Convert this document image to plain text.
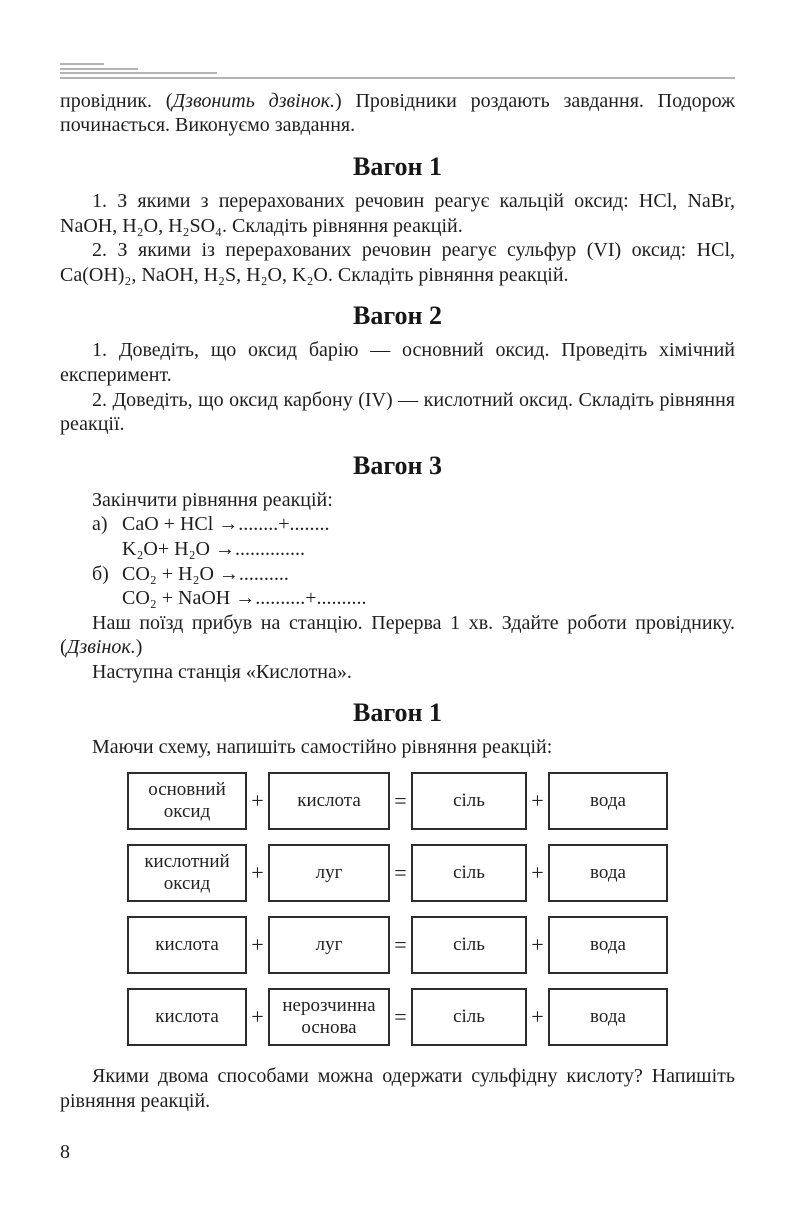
провідник. (Дзвонить дзвінок.) Провідники роздають завдання. Подорож починається. Виконуємо завдання.

Вагон 1

1. З якими з перерахованих речовин реагує кальцій оксид: HCl, NaBr, NaOH, H₂O, H₂SO₄. Складіть рівняння реакцій.

2. З якими із перерахованих речовин реагує сульфур (VI) оксид: HCl, Ca(OH)₂, NaOH, H₂S, H₂O, K₂O. Складіть рівняння реакцій.

Вагон 2

1. Доведіть, що оксид барію — основний оксид. Проведіть хімічний експеримент.

2. Доведіть, що оксид карбону (IV) — кислотний оксид. Складіть рівняння реакції.

Вагон 3

Закінчити рівняння реакцій:

а) CaO + HCl →........+........
K₂O+ H₂O →..............
б) CO₂ + H₂O →..........
CO₂ + NaOH →..........+..........

Наш поїзд прибув на станцію. Перерва 1 хв. Здайте роботи провіднику. (Дзвінок.)

Наступна станція «Кислотна».

Вагон 1

Маючи схему, напишіть самостійно рівняння реакцій:

основний оксид	+	кислота	=	сіль	+	вода
кислотний оксид	+	луг	=	сіль	+	вода
кислота	+	луг	=	сіль	+	вода
кислота	+ нерозчинна основа	=	сіль	+	вода

Якими двома способами можна одержати сульфідну кислоту? Напишіть рівняння реакцій.

8
